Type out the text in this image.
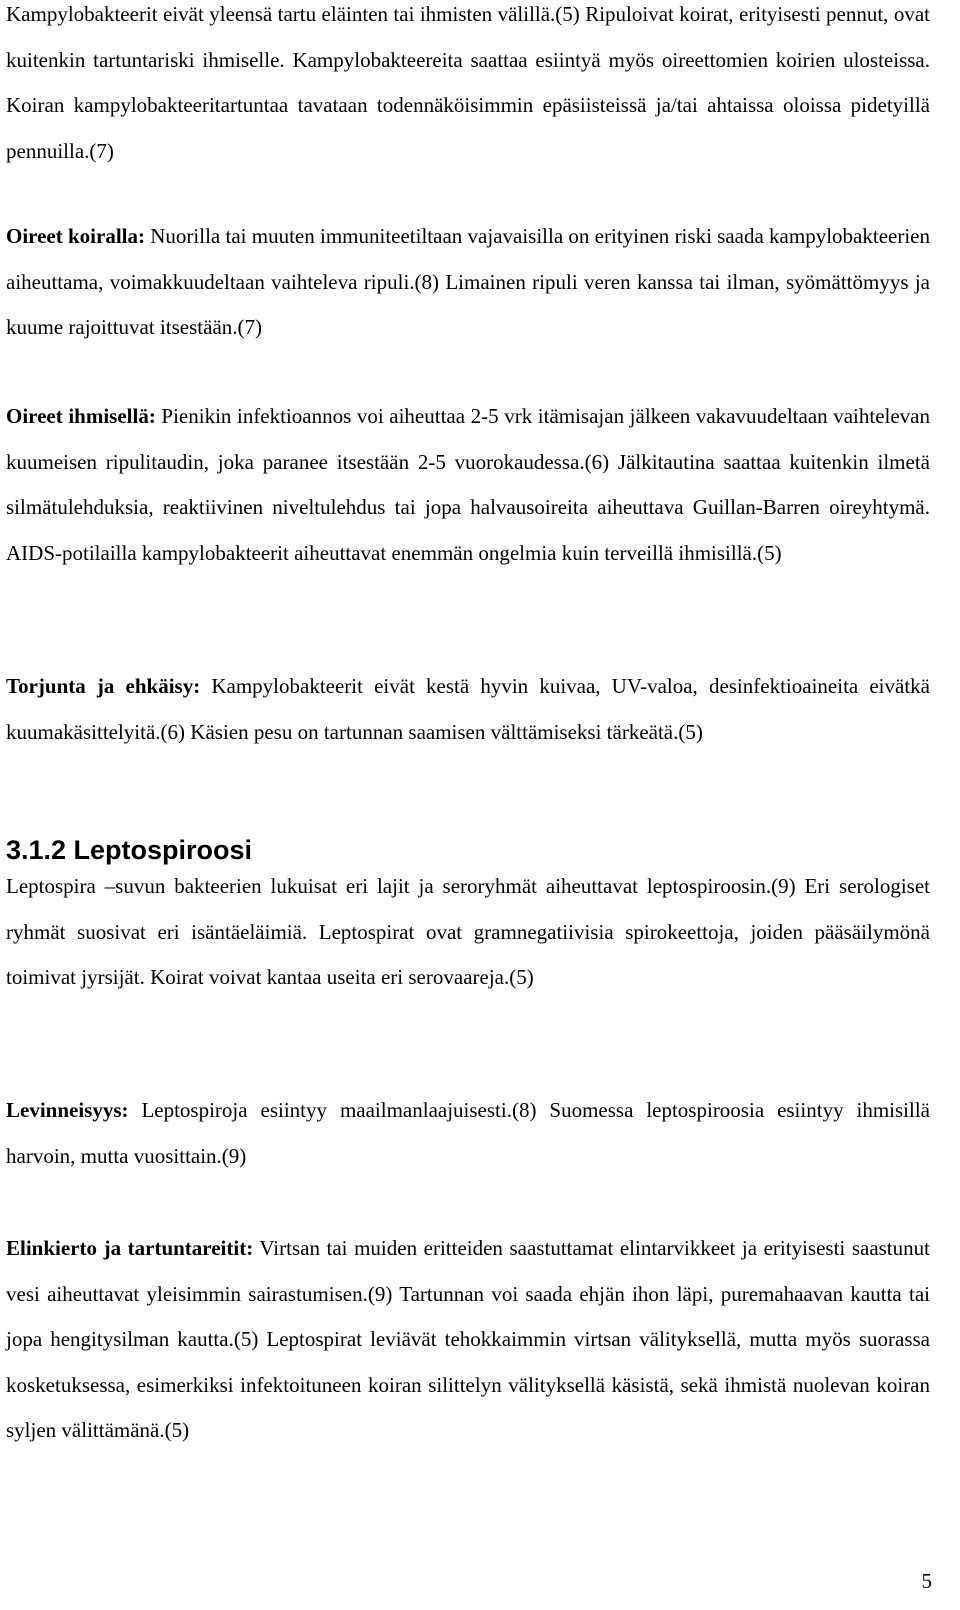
Kampylobakteerit eivät yleensä tartu eläinten tai ihmisten välillä.(5) Ripuloivat koirat, erityisesti pennut, ovat kuitenkin tartuntariski ihmiselle. Kampylobakteereita saattaa esiintyä myös oireettomien koirien ulosteissa. Koiran kampylobakteeritartuntaa tavataan todennäköisimmin epäsiisteissä ja/tai ahtaissa oloissa pidetyillä pennuilla.(7)

Oireet koiralla: Nuorilla tai muuten immuniteetiltaan vajavaisilla on erityinen riski saada kampylobakteerien aiheuttama, voimakkuudeltaan vaihteleva ripuli.(8) Limainen ripuli veren kanssa tai ilman, syömättömyys ja kuume rajoittuvat itsestään.(7)

Oireet ihmisellä: Pienikin infektioannos voi aiheuttaa 2-5 vrk itämisajan jälkeen vakavuudeltaan vaihtelevan kuumeisen ripulitaudin, joka paranee itsestään 2-5 vuorokaudessa.(6) Jälkitautina saattaa kuitenkin ilmetä silmätulehduksia, reaktiivinen niveltulehdus tai jopa halvausoireita aiheuttava Guillan-Barren oireyhtymä. AIDS-potilailla kampylobakteerit aiheuttavat enemmän ongelmia kuin terveillä ihmisillä.(5)

Torjunta ja ehkäisy: Kampylobakteerit eivät kestä hyvin kuivaa, UV-valoa, desinfektioaineita eivätkä kuumakäsittelyitä.(6) Käsien pesu on tartunnan saamisen välttämiseksi tärkeätä.(5)

3.1.2 Leptospiroosi

Leptospira –suvun bakteerien lukuisat eri lajit ja seroryhmät aiheuttavat leptospiroosin.(9) Eri serologiset ryhmät suosivat eri isäntäeläimiä. Leptospirat ovat gramnegatiivisia spirokeettoja, joiden pääsäilymönä toimivat jyrsijät. Koirat voivat kantaa useita eri serovaareja.(5)

Levinneisyys: Leptospiroja esiintyy maailmanlaajuisesti.(8) Suomessa leptospiroosia esiintyy ihmisillä harvoin, mutta vuosittain.(9)

Elinkierto ja tartuntareitit: Virtsan tai muiden eritteiden saastuttamat elintarvikkeet ja erityisesti saastunut vesi aiheuttavat yleisimmin sairastumisen.(9) Tartunnan voi saada ehjän ihon läpi, puremahaavan kautta tai jopa hengitysilman kautta.(5) Leptospirat leviävät tehokkaimmin virtsan välityksellä, mutta myös suorassa kosketuksessa, esimerkiksi infektoituneen koiran silittelyn välityksellä käsistä, sekä ihmistä nuolevan koiran syljen välittämänä.(5)

5
